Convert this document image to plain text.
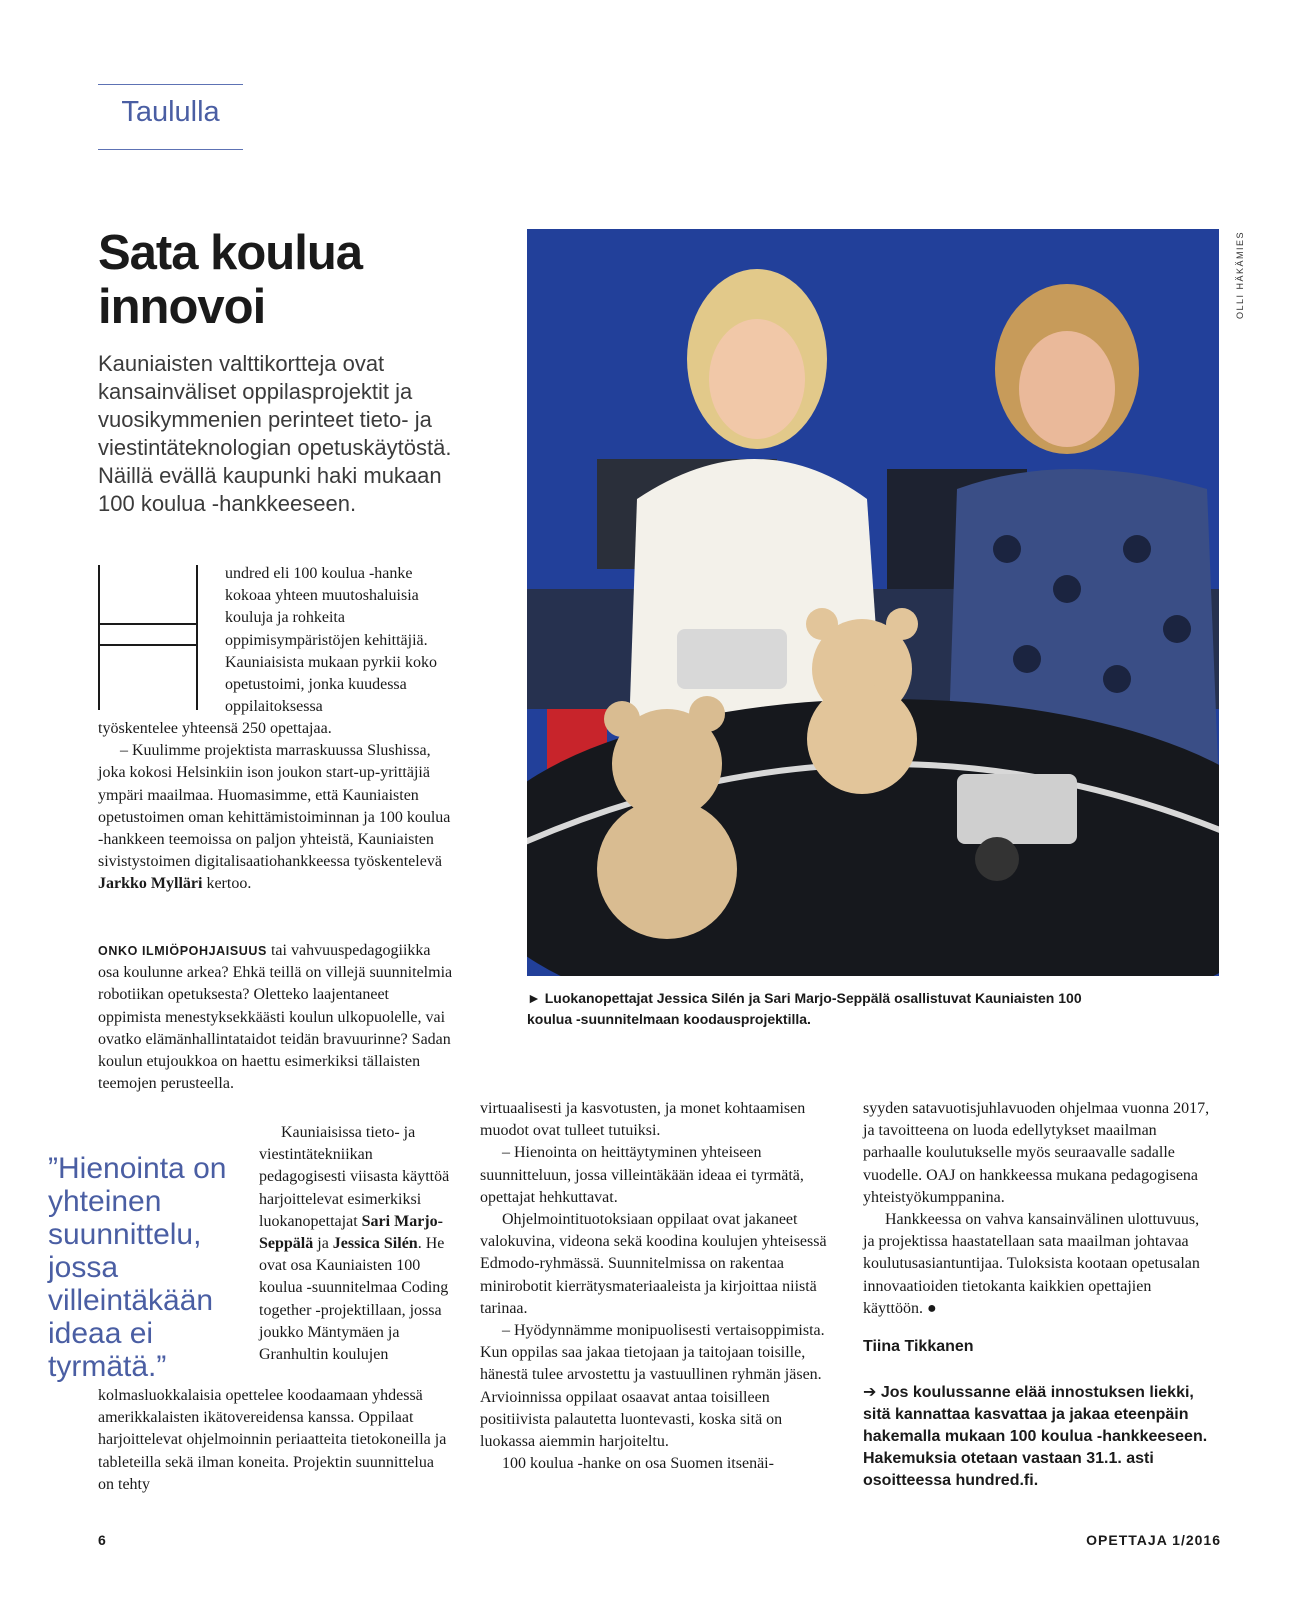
Taululla
Sata koulua
innovoi
Kauniaisten valttikortteja ovat kansainväliset oppilasprojektit ja vuosikymmenien perinteet tieto- ja viestintäteknologian opetuskäytöstä. Näillä evällä kaupunki haki mukaan 100 koulua -hankkeeseen.
H
undred eli 100 koulua -hanke kokoaa yhteen muutoshaluisia kouluja ja rohkeita oppimisympäristöjen kehittäjiä. Kauniaisista mukaan pyrkii koko opetustoimi, jonka kuudessa oppilaitoksessa

työskentelee yhteensä 250 opettajaa.

– Kuulimme projektista marraskuussa Slushissa, joka kokosi Helsinkiin ison joukon start-up-yrittäjiä ympäri maailmaa. Huomasimme, että Kauniaisten opetustoimen oman kehittämistoiminnan ja 100 koulua -hankkeen teemoissa on paljon yhteistä, Kauniaisten sivistystoimen digitalisaatiohankkeessa työskentelevä Jarkko Mylläri kertoo.

ONKO ILMIÖPOHJAISUUS tai vahvuuspedagogiikka osa koulunne arkea? Ehkä teillä on villejä suunnitelmia robotiikan opetuksesta? Oletteko laajentaneet oppimista menestyksekkäästi koulun ulkopuolelle, vai ovatko elämänhallintataidot teidän bravuurinne? Sadan koulun etujoukkoa on haettu esimerkiksi tällaisten teemojen perusteella.

”Hienointa on yhteinen suunnittelu, jossa villeintäkään ideaa ei tyrmätä.”

Kauniaisissa tieto- ja viestintätekniikan pedagogisesti viisasta käyttöä harjoittelevat esimerkiksi luokanopettajat Sari Marjo-Seppälä ja Jessica Silén. He ovat osa Kauniaisten 100 koulua -suunnitelmaa Coding together -projektillaan, jossa joukko Mäntymäen ja Granhultin koulujen

kolmasluokkalaisia opettelee koodaamaan yhdessä amerikkalaisten ikätovereidensa kanssa. Oppilaat harjoittelevat ohjelmoinnin periaatteita tietokoneilla ja tableteilla sekä ilman koneita. Projektin suunnittelua on tehty

virtuaalisesti ja kasvotusten, ja monet kohtaamisen muodot ovat tulleet tutuiksi.

– Hienointa on heittäytyminen yhteiseen suunnitteluun, jossa villeintäkään ideaa ei tyrmätä, opettajat hehkuttavat.

Ohjelmointituotoksiaan oppilaat ovat jakaneet valokuvina, videona sekä koodina koulujen yhteisessä Edmodo-ryhmässä. Suunnitelmissa on rakentaa minirobotit kierrätysmateriaaleista ja kirjoittaa niistä tarinaa.

– Hyödynnämme monipuolisesti vertaisoppimista. Kun oppilas saa jakaa tietojaan ja taitojaan toisille, hänestä tulee arvostettu ja vastuullinen ryhmän jäsen. Arvioinnissa oppilaat osaavat antaa toisilleen positiivista palautetta luontevasti, koska sitä on luokassa aiemmin harjoiteltu.

100 koulua -hanke on osa Suomen itsenäi-

syyden satavuotisjuhlavuoden ohjelmaa vuonna 2017, ja tavoitteena on luoda edellytykset maailman parhaalle koulutukselle myös seuraavalle sadalle vuodelle. OAJ on hankkeessa mukana pedagogisena yhteistyökumppanina.

Hankkeessa on vahva kansainvälinen ulottuvuus, ja projektissa haastatellaan sata maailman johtavaa koulutusasiantuntijaa. Tuloksista kootaan opetusalan innovaatioiden tietokanta kaikkien opettajien käyttöön. ●

Tiina Tikkanen
➔ Jos koulussanne elää innostuksen liekki, sitä kannattaa kasvattaa ja jakaa eteenpäin hakemalla mukaan 100 koulua -hankkeeseen. Hakemuksia otetaan vastaan 31.1. asti osoitteessa hundred.fi.
OLLI HÄKÄMIES
► Luokanopettajat Jessica Silén ja Sari Marjo-Seppälä osallistuvat Kauniaisten 100 koulua -suunnitelmaan koodausprojektilla.
6	OPETTAJA 1/2016
